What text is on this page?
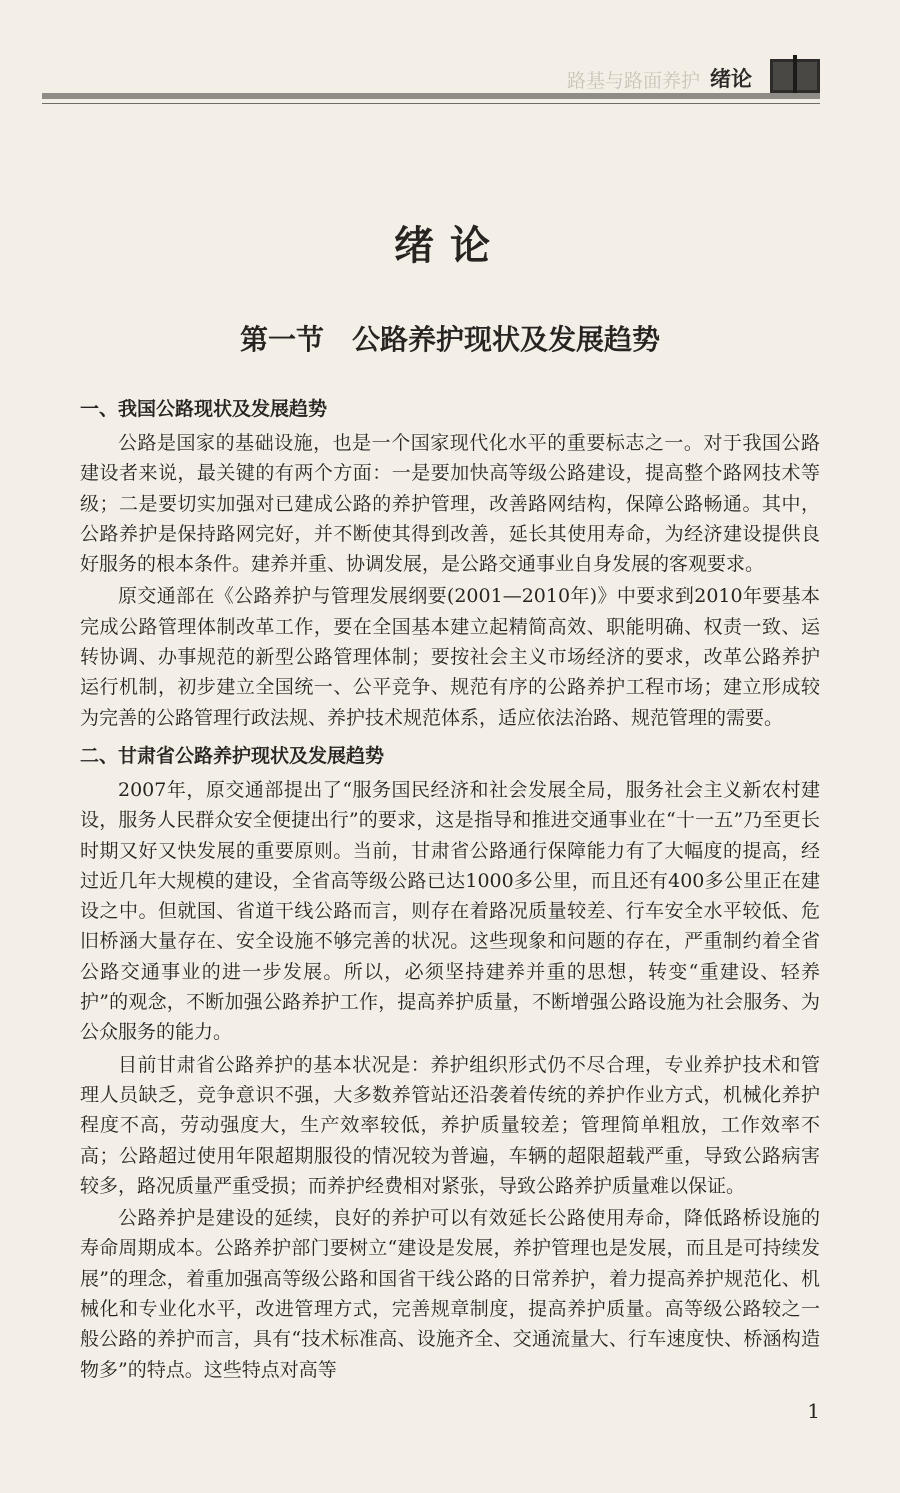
路基与路面养护 绪论
绪论
第一节　公路养护现状及发展趋势
一、我国公路现状及发展趋势

公路是国家的基础设施，也是一个国家现代化水平的重要标志之一。对于我国公路建设者来说，最关键的有两个方面：一是要加快高等级公路建设，提高整个路网技术等级；二是要切实加强对已建成公路的养护管理，改善路网结构，保障公路畅通。其中，公路养护是保持路网完好，并不断使其得到改善，延长其使用寿命，为经济建设提供良好服务的根本条件。建养并重、协调发展，是公路交通事业自身发展的客观要求。

原交通部在《公路养护与管理发展纲要(2001—2010年)》中要求到2010年要基本完成公路管理体制改革工作，要在全国基本建立起精简高效、职能明确、权责一致、运转协调、办事规范的新型公路管理体制；要按社会主义市场经济的要求，改革公路养护运行机制，初步建立全国统一、公平竞争、规范有序的公路养护工程市场；建立形成较为完善的公路管理行政法规、养护技术规范体系，适应依法治路、规范管理的需要。

二、甘肃省公路养护现状及发展趋势

2007年，原交通部提出了“服务国民经济和社会发展全局，服务社会主义新农村建设，服务人民群众安全便捷出行”的要求，这是指导和推进交通事业在“十一五”乃至更长时期又好又快发展的重要原则。当前，甘肃省公路通行保障能力有了大幅度的提高，经过近几年大规模的建设，全省高等级公路已达1000多公里，而且还有400多公里正在建设之中。但就国、省道干线公路而言，则存在着路况质量较差、行车安全水平较低、危旧桥涵大量存在、安全设施不够完善的状况。这些现象和问题的存在，严重制约着全省公路交通事业的进一步发展。所以，必须坚持建养并重的思想，转变“重建设、轻养护”的观念，不断加强公路养护工作，提高养护质量，不断增强公路设施为社会服务、为公众服务的能力。

目前甘肃省公路养护的基本状况是：养护组织形式仍不尽合理，专业养护技术和管理人员缺乏，竞争意识不强，大多数养管站还沿袭着传统的养护作业方式，机械化养护程度不高，劳动强度大，生产效率较低，养护质量较差；管理简单粗放，工作效率不高；公路超过使用年限超期服役的情况较为普遍，车辆的超限超载严重，导致公路病害较多，路况质量严重受损；而养护经费相对紧张，导致公路养护质量难以保证。

公路养护是建设的延续，良好的养护可以有效延长公路使用寿命，降低路桥设施的寿命周期成本。公路养护部门要树立“建设是发展，养护管理也是发展，而且是可持续发展”的理念，着重加强高等级公路和国省干线公路的日常养护，着力提高养护规范化、机械化和专业化水平，改进管理方式，完善规章制度，提高养护质量。高等级公路较之一般公路的养护而言，具有“技术标准高、设施齐全、交通流量大、行车速度快、桥涵构造物多”的特点。这些特点对高等

1
